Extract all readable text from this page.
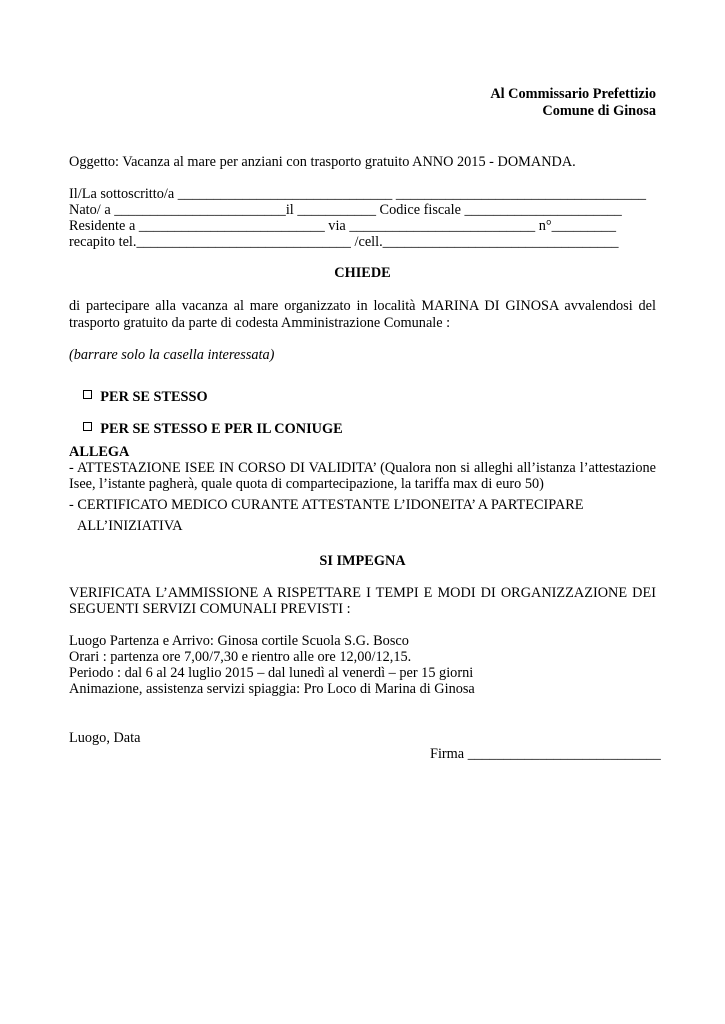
Al Commissario Prefettizio
Comune di Ginosa
Oggetto: Vacanza al mare per anziani con trasporto gratuito ANNO 2015 - DOMANDA.
Il/La sottoscritto/a ______________________________ ___________________________________
Nato/ a ________________________il ___________ Codice fiscale ______________________
Residente a __________________________ via __________________________ n°_________
recapito tel.______________________________ /cell._________________________________
CHIEDE
di partecipare alla vacanza al mare organizzato in località MARINA DI GINOSA avvalendosi del
trasporto gratuito da parte di codesta Amministrazione Comunale :
(barrare solo la casella interessata)

PER SE STESSO

PER SE STESSO E PER IL CONIUGE

ALLEGA
- ATTESTAZIONE ISEE IN CORSO DI VALIDITA’ (Qualora non si alleghi all’istanza l’attestazione
Isee, l’istante pagherà, quale quota di compartecipazione, la tariffa max di euro 50)
- CERTIFICATO MEDICO CURANTE ATTESTANTE L’IDONEITA’ A PARTECIPARE
ALL’INIZIATIVA
SI IMPEGNA
VERIFICATA L’AMMISSIONE A RISPETTARE I TEMPI E MODI DI ORGANIZZAZIONE DEI
SEGUENTI SERVIZI COMUNALI PREVISTI :
Luogo Partenza e Arrivo: Ginosa cortile Scuola S.G. Bosco
Orari : partenza ore 7,00/7,30 e rientro alle ore 12,00/12,15.
Periodo : dal 6 al 24 luglio 2015 – dal lunedì al venerdì – per 15 giorni
Animazione, assistenza servizi spiaggia: Pro Loco di Marina di Ginosa
Luogo, Data
Firma ___________________________
